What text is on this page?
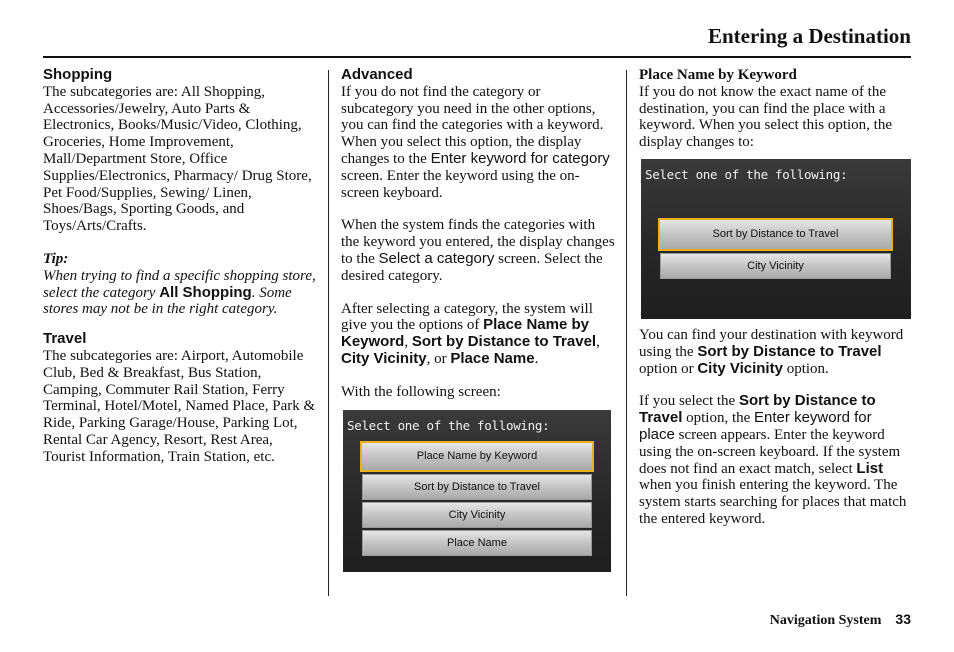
Entering a Destination

Shopping

The subcategories are: All Shopping, Accessories/Jewelry, Auto Parts & Electronics, Books/Music/Video, Clothing, Groceries, Home Improvement, Mall/Department Store, Office Supplies/Electronics, Pharmacy/ Drug Store, Pet Food/Supplies, Sewing/ Linen, Shoes/Bags, Sporting Goods, and Toys/Arts/Crafts.

Tip:

When trying to find a specific shopping store, select the category All Shopping. Some stores may not be in the right category.

Travel

The subcategories are: Airport, Automobile Club, Bed & Breakfast, Bus Station, Camping, Commuter Rail Station, Ferry Terminal, Hotel/Motel, Named Place, Park & Ride, Parking Garage/House, Parking Lot, Rental Car Agency, Resort, Rest Area, Tourist Information, Train Station, etc.

Advanced

If you do not find the category or subcategory you need in the other options, you can find the categories with a keyword. When you select this option, the display changes to the Enter keyword for category screen. Enter the keyword using the on-screen keyboard.

When the system finds the categories with the keyword you entered, the display changes to the Select a category screen. Select the desired category.

After selecting a category, the system will give you the options of Place Name by Keyword, Sort by Distance to Travel, City Vicinity, or Place Name.

With the following screen:

Select one of the following:
Place Name by Keyword
Sort by Distance to Travel
City Vicinity
Place Name

Place Name by Keyword

If you do not know the exact name of the destination, you can find the place with a keyword. When you select this option, the display changes to:

Select one of the following:
Sort by Distance to Travel
City Vicinity

You can find your destination with keyword using the Sort by Distance to Travel option or City Vicinity option.

If you select the Sort by Distance to Travel option, the Enter keyword for place screen appears. Enter the keyword using the on-screen keyboard. If the system does not find an exact match, select List when you finish entering the keyword. The system starts searching for places that match the entered keyword.

Navigation System 33
